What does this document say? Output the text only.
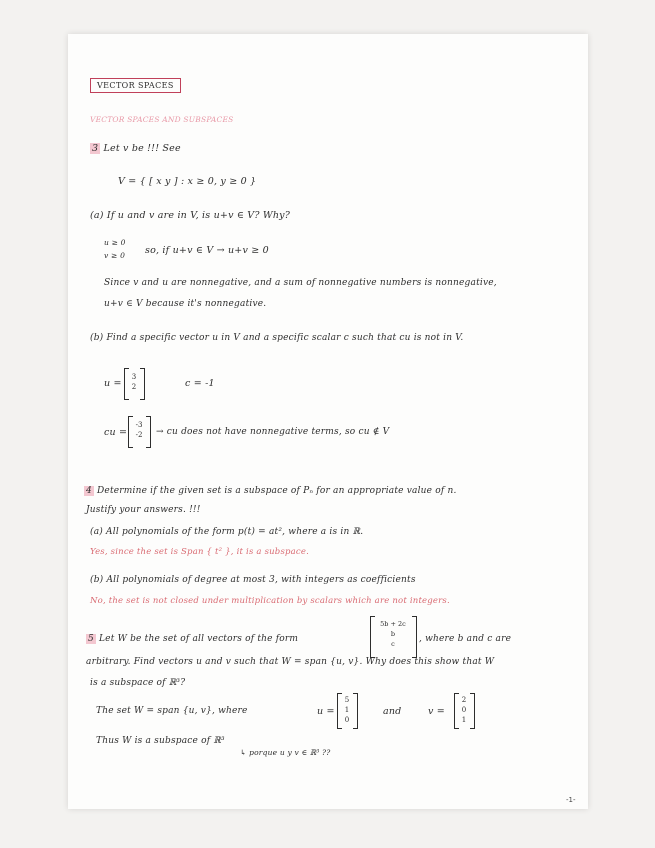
VECTOR SPACES
VECTOR SPACES AND SUBSPACES
3 Let v be !!! See
V = { [ x y ] : x ≥ 0, y ≥ 0 }
(a) If u and v are in V, is u+v ∈ V? Why?
u ≥ 0
v ≥ 0 so, if u+v ∈ V → u+v ≥ 0
Since v and u are nonnegative, and a sum of nonnegative numbers is nonnegative,
u+v ∈ V because it's nonnegative.
(b) Find a specific vector u in V and a specific scalar c such that cu is not in V.
u =
3
2	c = -1
cu =
-3
-2	→ cu does not have nonnegative terms, so cu ∉ V
4 Determine if the given set is a subspace of Pₙ for an appropriate value of n.
Justify your answers. !!!
(a) All polynomials of the form p(t) = at², where a is in ℝ.
Yes, since the set is Span { t² }, it is a subspace.
(b) All polynomials of degree at most 3, with integers as coefficients
No, the set is not closed under multiplication by scalars which are not integers.
5 Let W be the set of all vectors of the form
5b + 2c
b
c	, where b and c are
arbitrary. Find vectors u and v such that W = span {u, v}. Why does this show that W
is a subspace of ℝ³?
The set W = span {u, v}, where	u =
5
1
0
and	v =
2
0
1
Thus W is a subspace of ℝ³
↳ porque u y v ∈ ℝ³ ??
-1-
